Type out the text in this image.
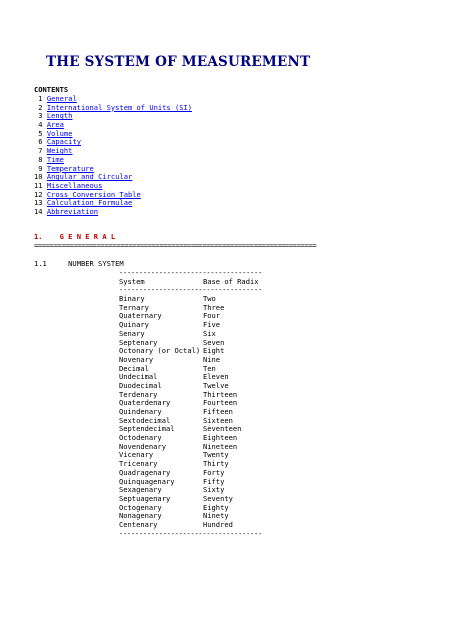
THE SYSTEM OF MEASUREMENT
CONTENTS
1 General
2 International System of Units (SI)
3 Length
4 Area
5 Volume
6 Capacity
7 Weight
8 Time
9 Temperature
10 Angular and Circular
11 Miscellaneous
12 Cross Conversion Table
13 Calculation Formulae
14 Abbreviation
1.    G E N E R A L
========================================================================
1.1     NUMBER SYSTEM
------------------------------------
System	Base of Radix
------------------------------------
Binary	Two
Ternary	Three
Quaternary	Four
Quinary	Five
Senary	Six
Septenary	Seven
Octonary (or Octal) Eight
Novenary	Nine
Decimal	Ten
Undecimal	Eleven
Duodecimal	Twelve
Terdenary	Thirteen
Quaterdenary	Fourteen
Quindenary	Fifteen
Sextodecimal	Sixteen
Septendecimal	Seventeen
Octodenary	Eighteen
Novendenary	Nineteen
Vicenary	Twenty
Tricenary	Thirty
Quadragenary	Forty
Quinquagenary	Fifty
Sexagenary	Sixty
Septuagenary	Seventy
Octogenary	Eighty
Nonagenary	Ninety
Centenary	Hundred
------------------------------------
